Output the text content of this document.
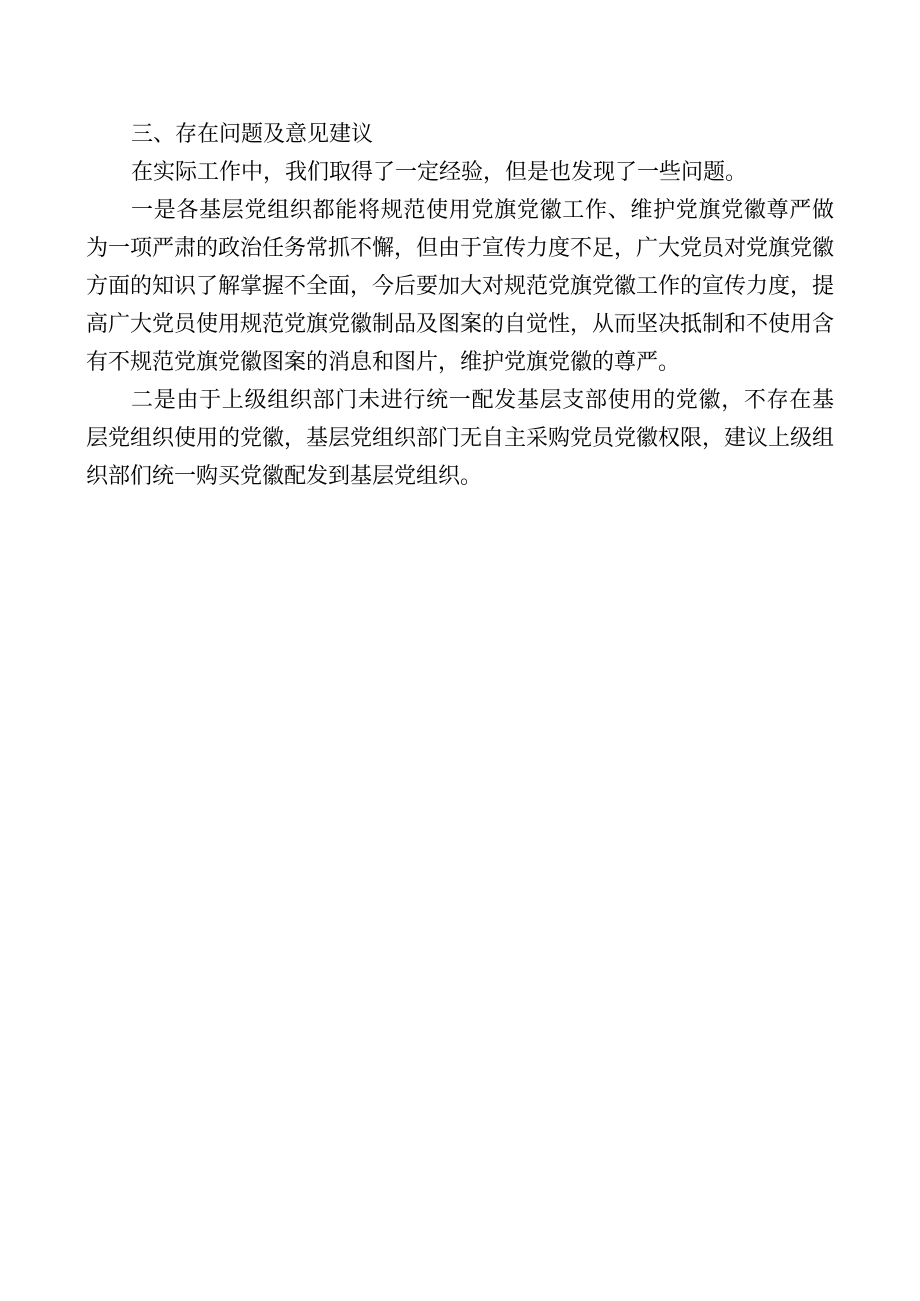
三、存在问题及意见建议

在实际工作中，我们取得了一定经验，但是也发现了一些问题。

一是各基层党组织都能将规范使用党旗党徽工作、维护党旗党徽尊严做为一项严肃的政治任务常抓不懈，但由于宣传力度不足，广大党员对党旗党徽方面的知识了解掌握不全面，今后要加大对规范党旗党徽工作的宣传力度，提高广大党员使用规范党旗党徽制品及图案的自觉性，从而坚决抵制和不使用含有不规范党旗党徽图案的消息和图片，维护党旗党徽的尊严。

二是由于上级组织部门未进行统一配发基层支部使用的党徽，不存在基层党组织使用的党徽，基层党组织部门无自主采购党员党徽权限，建议上级组织部们统一购买党徽配发到基层党组织。
